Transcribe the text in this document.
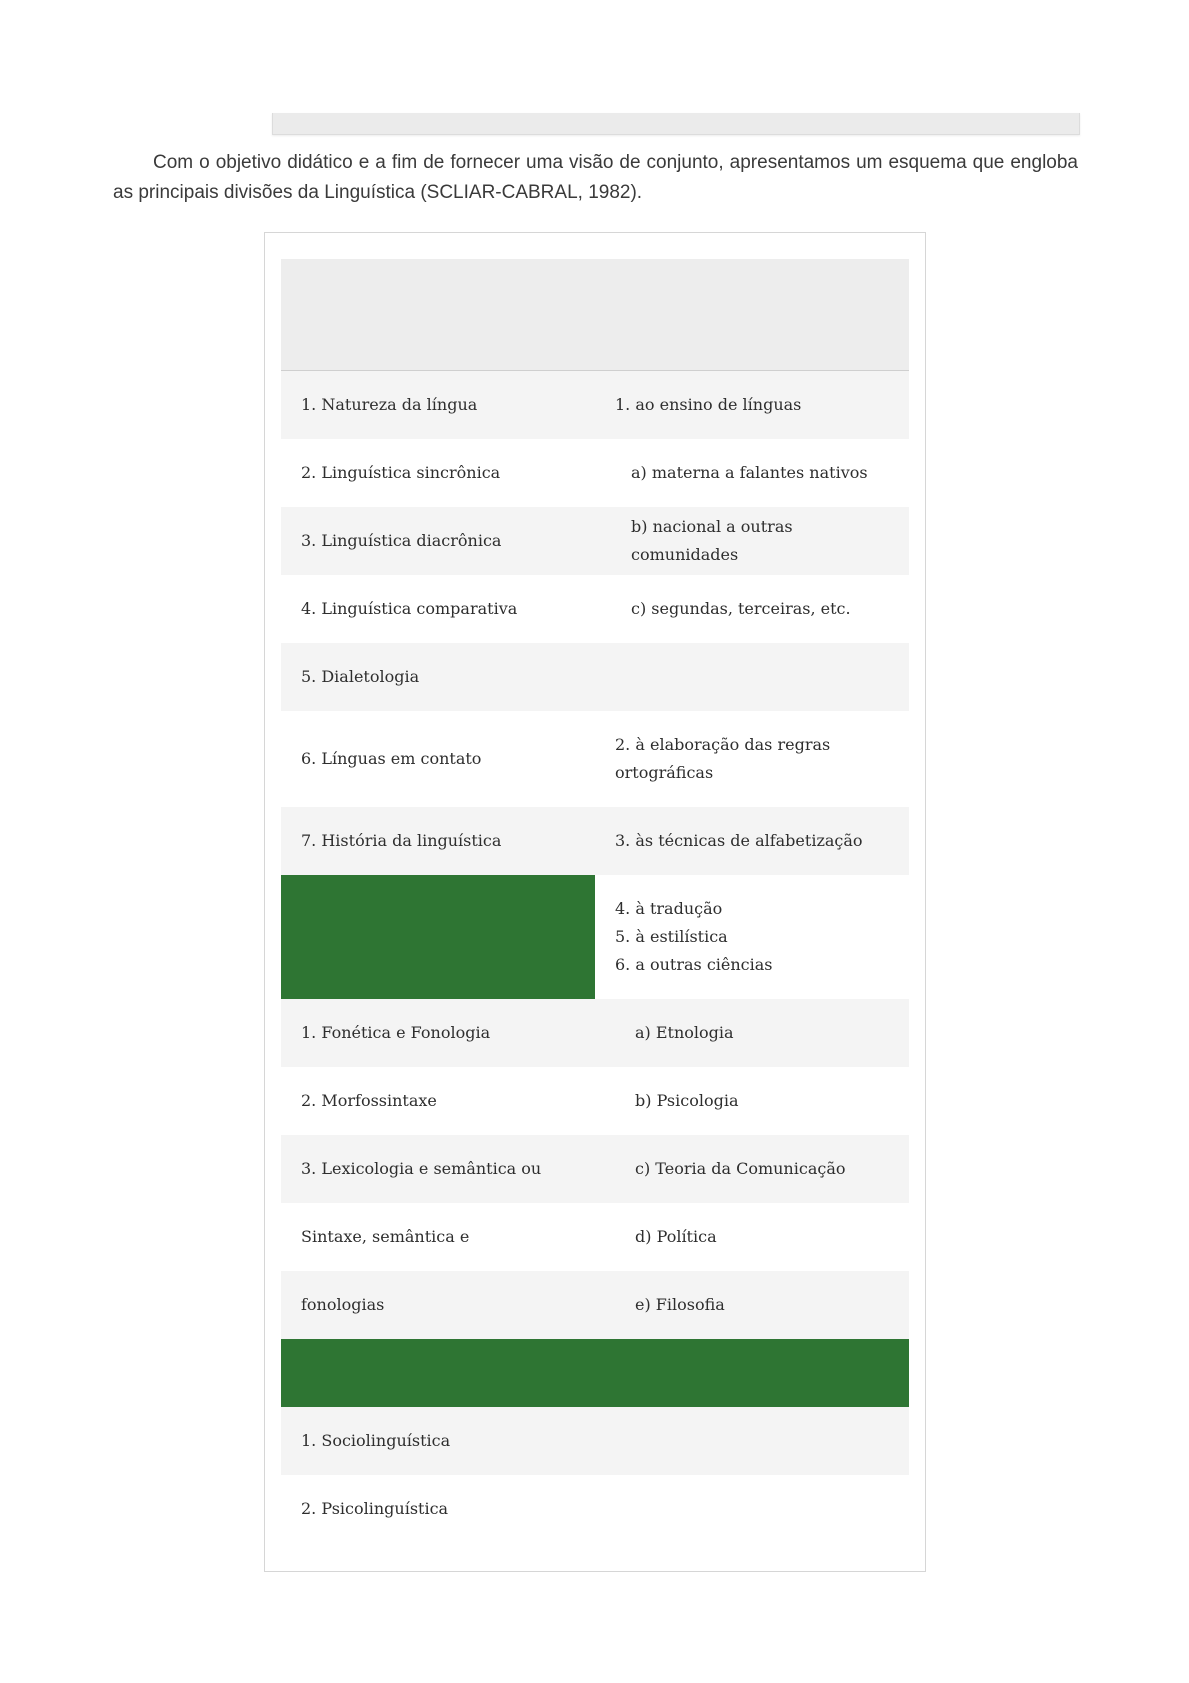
Com o objetivo didático e a fim de fornecer uma visão de conjunto, apresentamos um esquema que engloba as principais divisões da Linguística (SCLIAR-CABRAL, 1982).

1. Natureza da língua	1. ao ensino de línguas
2. Linguística sincrônica	a) materna a falantes nativos
3. Linguística diacrônica	b) nacional a outras comunidades
4. Linguística comparativa	c) segundas, terceiras, etc.
5. Dialetologia	
6. Línguas em contato	2. à elaboração das regras ortográficas
7. História da linguística	3. às técnicas de alfabetização

	4. à tradução
5. à estilística
6. a outras ciências

1. Fonética e Fonologia	a) Etnologia
2. Morfossintaxe	b) Psicologia
3. Lexicologia e semântica ou	c) Teoria da Comunicação
Sintaxe, semântica e	d) Política
fonologias	e) Filosofia

1. Sociolinguística	
2. Psicolinguística	
